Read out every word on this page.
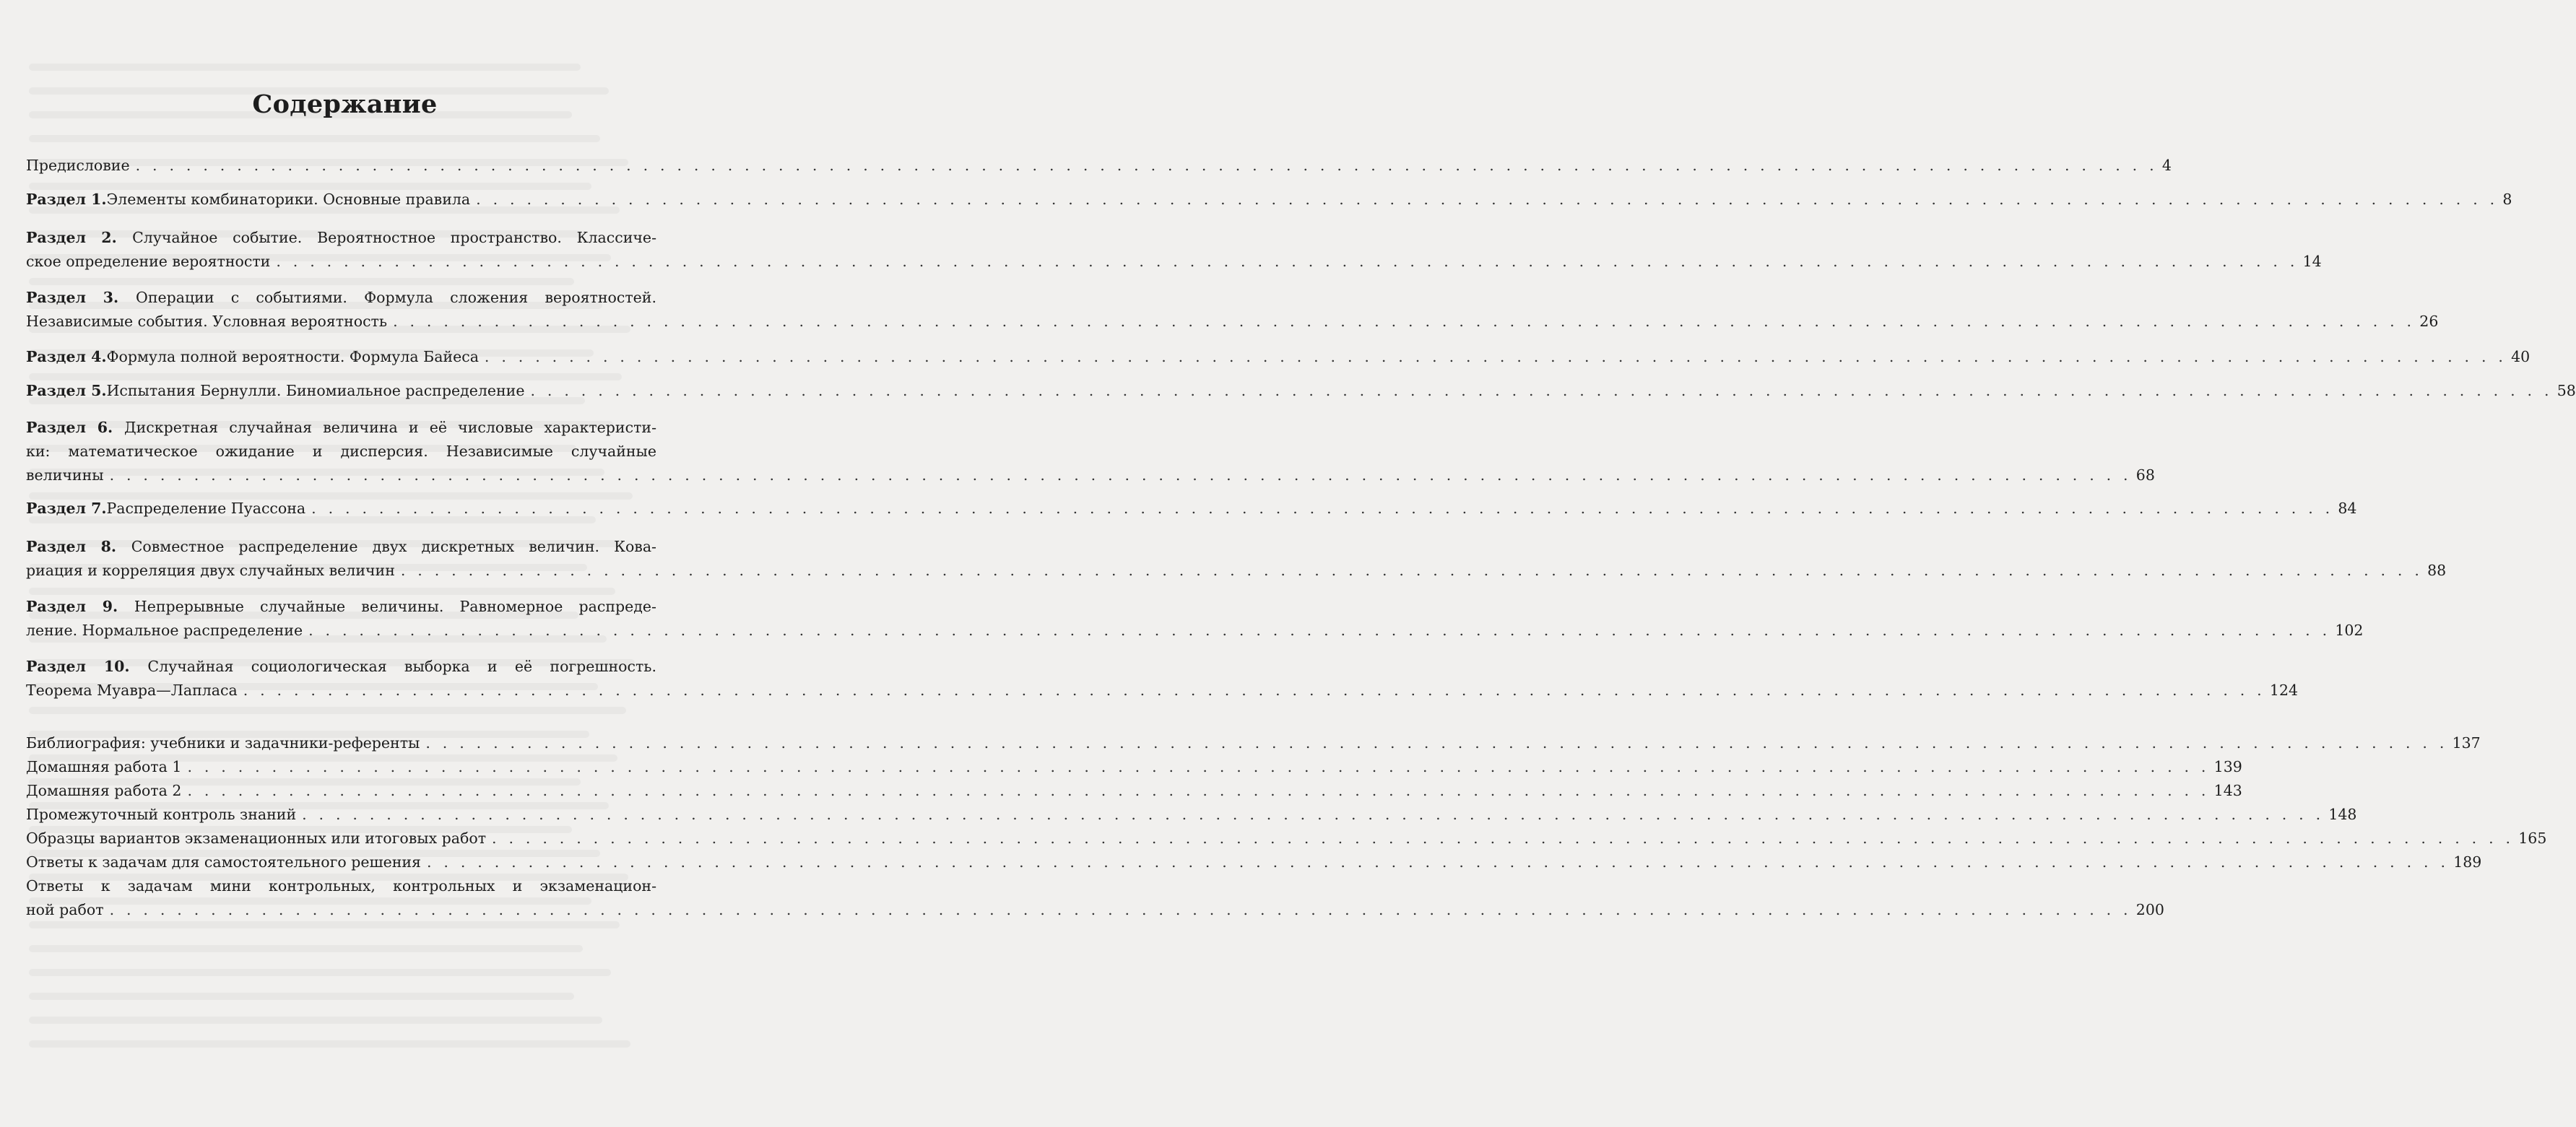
Содержание
Предисловие . . . . . . . . . . . . . . . . . . . . . . . . . . . . . . . . . . . . . . . . . . . . . . . . . . . . . . . . . . . . . . . . . . . . . . . . . . . . . . . . . . . . . . . . . . . . . . . . . . . . . . . . . . . . . . . . . . . . . . . . 4
Раздел 1. Элементы комбинаторики. Основные правила . . . . . . . . . . . . . . . . . . . . . . . . . . . . . . . . . . . . . . . . . . . . . . . . . . . . . . . . . . . . . . . . . . . . . . . . . . . . . . . . . . . . . . . . . . . . . . . . . . . . . . . . . . . . . . . . . . . . . . . . 8
Раздел 2. Случайное событие. Вероятностное пространство. Классиче-
ское определение вероятности . . . . . . . . . . . . . . . . . . . . . . . . . . . . . . . . . . . . . . . . . . . . . . . . . . . . . . . . . . . . . . . . . . . . . . . . . . . . . . . . . . . . . . . . . . . . . . . . . . . . . . . . . . . . . . . . . . . . . . . . 14
Раздел 3. Операции с событиями. Формула сложения вероятностей.
Независимые события. Условная вероятность . . . . . . . . . . . . . . . . . . . . . . . . . . . . . . . . . . . . . . . . . . . . . . . . . . . . . . . . . . . . . . . . . . . . . . . . . . . . . . . . . . . . . . . . . . . . . . . . . . . . . . . . . . . . . . . . . . . . . . . . 26
Раздел 4. Формула полной вероятности. Формула Байеса . . . . . . . . . . . . . . . . . . . . . . . . . . . . . . . . . . . . . . . . . . . . . . . . . . . . . . . . . . . . . . . . . . . . . . . . . . . . . . . . . . . . . . . . . . . . . . . . . . . . . . . . . . . . . . . . . . . . . . . . 40
Раздел 5. Испытания Бернулли. Биномиальное распределение . . . . . . . . . . . . . . . . . . . . . . . . . . . . . . . . . . . . . . . . . . . . . . . . . . . . . . . . . . . . . . . . . . . . . . . . . . . . . . . . . . . . . . . . . . . . . . . . . . . . . . . . . . . . . . . . . . . . . . . . 58
Раздел 6. Дискретная случайная величина и её числовые характеристи-
ки: математическое ожидание и дисперсия. Независимые случайные
величины . . . . . . . . . . . . . . . . . . . . . . . . . . . . . . . . . . . . . . . . . . . . . . . . . . . . . . . . . . . . . . . . . . . . . . . . . . . . . . . . . . . . . . . . . . . . . . . . . . . . . . . . . . . . . . . . . . . . . . . . 68
Раздел 7. Распределение Пуассона . . . . . . . . . . . . . . . . . . . . . . . . . . . . . . . . . . . . . . . . . . . . . . . . . . . . . . . . . . . . . . . . . . . . . . . . . . . . . . . . . . . . . . . . . . . . . . . . . . . . . . . . . . . . . . . . . . . . . . . . 84
Раздел 8. Совместное распределение двух дискретных величин. Кова-
риация и корреляция двух случайных величин . . . . . . . . . . . . . . . . . . . . . . . . . . . . . . . . . . . . . . . . . . . . . . . . . . . . . . . . . . . . . . . . . . . . . . . . . . . . . . . . . . . . . . . . . . . . . . . . . . . . . . . . . . . . . . . . . . . . . . . . 88
Раздел 9. Непрерывные случайные величины. Равномерное распреде-
ление. Нормальное распределение . . . . . . . . . . . . . . . . . . . . . . . . . . . . . . . . . . . . . . . . . . . . . . . . . . . . . . . . . . . . . . . . . . . . . . . . . . . . . . . . . . . . . . . . . . . . . . . . . . . . . . . . . . . . . . . . . . . . . . . . 102
Раздел 10. Случайная социологическая выборка и её погрешность.
Теорема Муавра—Лапласа . . . . . . . . . . . . . . . . . . . . . . . . . . . . . . . . . . . . . . . . . . . . . . . . . . . . . . . . . . . . . . . . . . . . . . . . . . . . . . . . . . . . . . . . . . . . . . . . . . . . . . . . . . . . . . . . . . . . . . . . 124
Библиография: учебники и задачники-референты . . . . . . . . . . . . . . . . . . . . . . . . . . . . . . . . . . . . . . . . . . . . . . . . . . . . . . . . . . . . . . . . . . . . . . . . . . . . . . . . . . . . . . . . . . . . . . . . . . . . . . . . . . . . . . . . . . . . . . . . 137
Домашняя работа 1 . . . . . . . . . . . . . . . . . . . . . . . . . . . . . . . . . . . . . . . . . . . . . . . . . . . . . . . . . . . . . . . . . . . . . . . . . . . . . . . . . . . . . . . . . . . . . . . . . . . . . . . . . . . . . . . . . . . . . . . . 139
Домашняя работа 2 . . . . . . . . . . . . . . . . . . . . . . . . . . . . . . . . . . . . . . . . . . . . . . . . . . . . . . . . . . . . . . . . . . . . . . . . . . . . . . . . . . . . . . . . . . . . . . . . . . . . . . . . . . . . . . . . . . . . . . . . 143
Промежуточный контроль знаний . . . . . . . . . . . . . . . . . . . . . . . . . . . . . . . . . . . . . . . . . . . . . . . . . . . . . . . . . . . . . . . . . . . . . . . . . . . . . . . . . . . . . . . . . . . . . . . . . . . . . . . . . . . . . . . . . . . . . . . . 148
Образцы вариантов экзаменационных или итоговых работ . . . . . . . . . . . . . . . . . . . . . . . . . . . . . . . . . . . . . . . . . . . . . . . . . . . . . . . . . . . . . . . . . . . . . . . . . . . . . . . . . . . . . . . . . . . . . . . . . . . . . . . . . . . . . . . . . . . . . . . . 165
Ответы к задачам для самостоятельного решения . . . . . . . . . . . . . . . . . . . . . . . . . . . . . . . . . . . . . . . . . . . . . . . . . . . . . . . . . . . . . . . . . . . . . . . . . . . . . . . . . . . . . . . . . . . . . . . . . . . . . . . . . . . . . . . . . . . . . . . . 189
Ответы к задачам мини контрольных, контрольных и экзаменацион-
ной работ . . . . . . . . . . . . . . . . . . . . . . . . . . . . . . . . . . . . . . . . . . . . . . . . . . . . . . . . . . . . . . . . . . . . . . . . . . . . . . . . . . . . . . . . . . . . . . . . . . . . . . . . . . . . . . . . . . . . . . . . 200
